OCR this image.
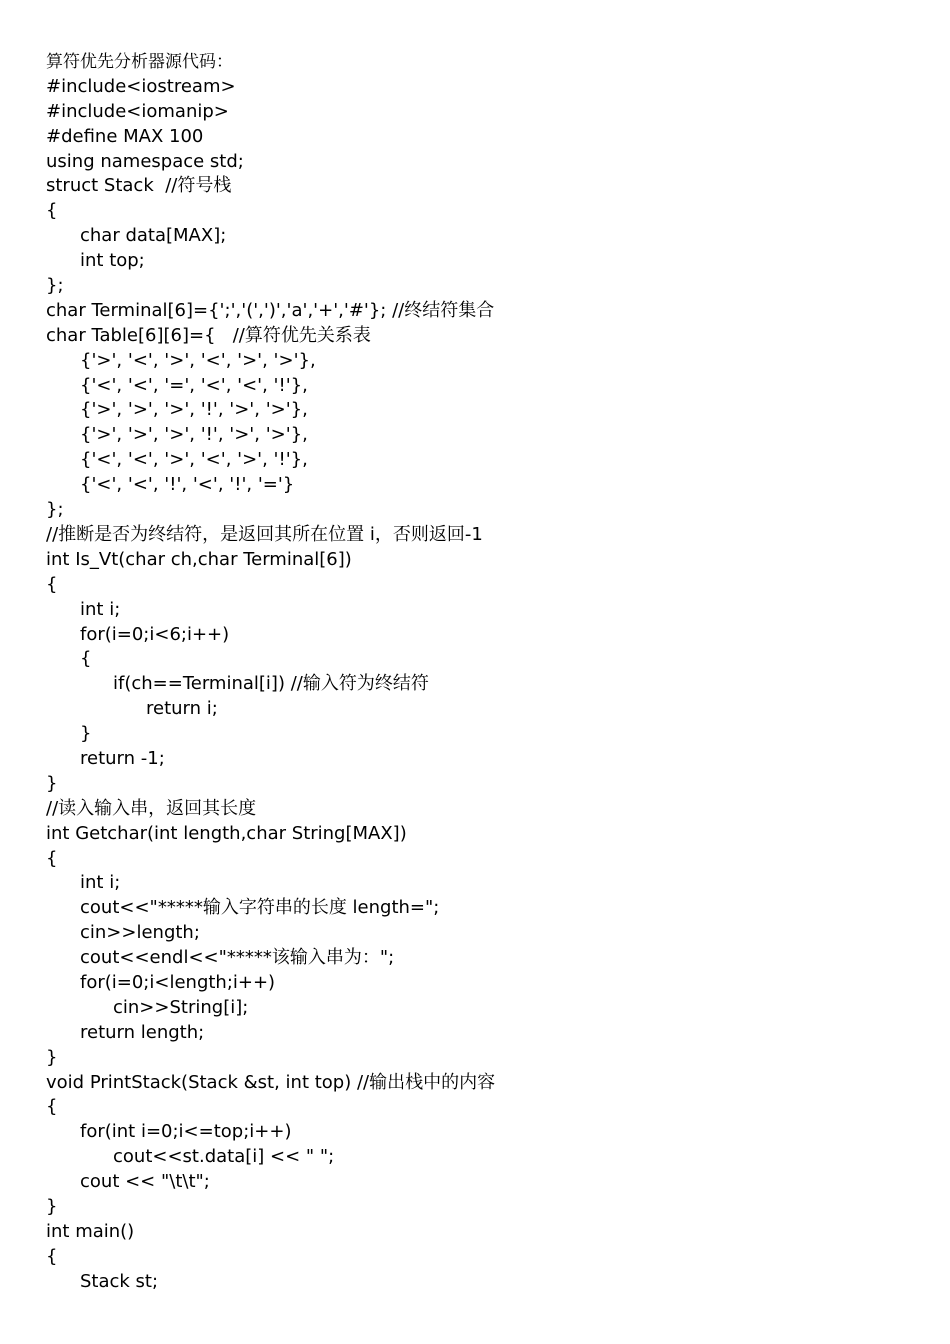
算符优先分析器源代码：
#include<iostream>
#include<iomanip>
#define MAX 100
using namespace std;
struct Stack  //符号栈
{
char data[MAX];
int top;
};
char Terminal[6]={';','(',')','a','+','#'}; //终结符集合
char Table[6][6]={   //算符优先关系表
{'>', '<', '>', '<', '>', '>'},
{'<', '<', '=', '<', '<', '!'},
{'>', '>', '>', '!', '>', '>'},
{'>', '>', '>', '!', '>', '>'},
{'<', '<', '>', '<', '>', '!'},
{'<', '<', '!', '<', '!', '='}
};
//推断是否为终结符，是返回其所在位置 i，否则返回-1
int Is_Vt(char ch,char Terminal[6])
{
int i;
for(i=0;i<6;i++)
{
if(ch==Terminal[i]) //输入符为终结符
return i;
}
return -1;
}
//读入输入串，返回其长度
int Getchar(int length,char String[MAX])
{
int i;
cout<<"*****输入字符串的长度 length=";
cin>>length;
cout<<endl<<"*****该输入串为：";
for(i=0;i<length;i++)
cin>>String[i];
return length;
}
void PrintStack(Stack &st, int top) //输出栈中的内容
{
for(int i=0;i<=top;i++)
cout<<st.data[i] << " ";
cout << "\t\t";
}
int main()
{
Stack st;
